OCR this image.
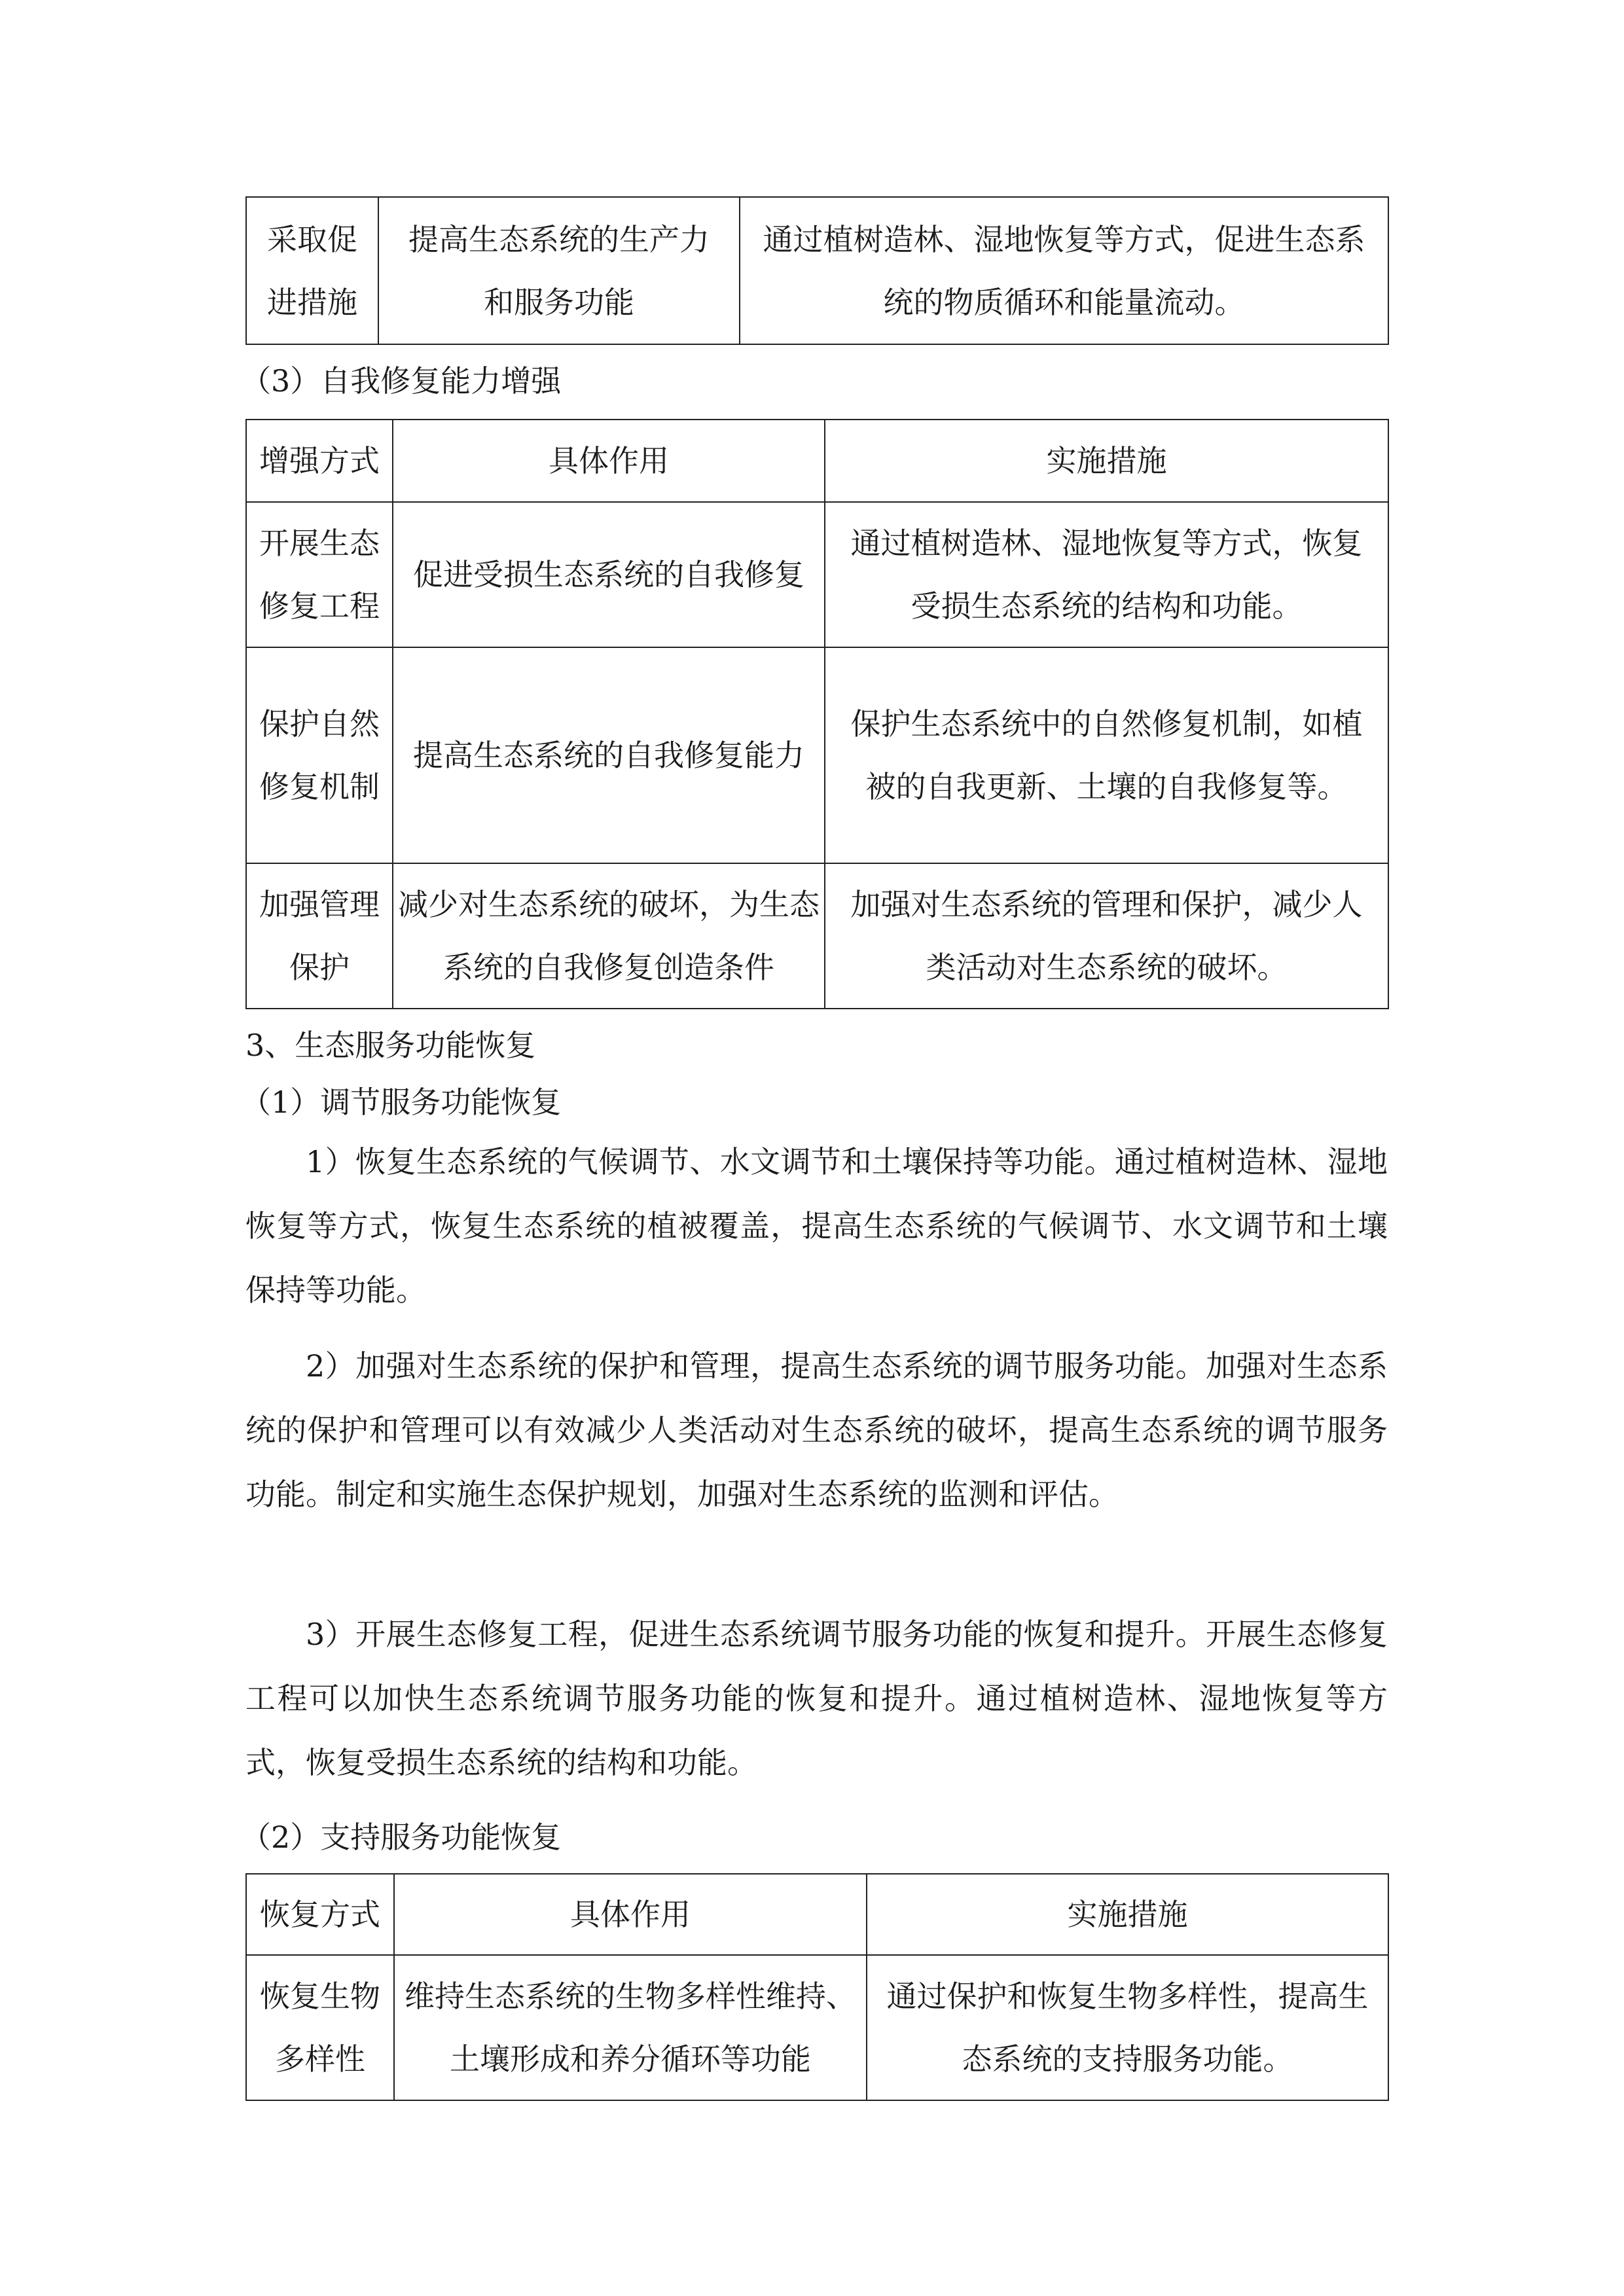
采取促进措施	提高生态系统的生产力和服务功能	通过植树造林、湿地恢复等方式，促进生态系统的物质循环和能量流动。
（3）自我修复能力增强
增强方式	具体作用	实施措施
开展生态修复工程	促进受损生态系统的自我修复	通过植树造林、湿地恢复等方式，恢复受损生态系统的结构和功能。
保护自然修复机制	提高生态系统的自我修复能力	保护生态系统中的自然修复机制，如植被的自我更新、土壤的自我修复等。
加强管理保护	减少对生态系统的破坏，为生态系统的自我修复创造条件	加强对生态系统的管理和保护，减少人类活动对生态系统的破坏。
3、生态服务功能恢复
（1）调节服务功能恢复

1）恢复生态系统的气候调节、水文调节和土壤保持等功能。通过植树造林、湿地恢复等方式，恢复生态系统的植被覆盖，提高生态系统的气候调节、水文调节和土壤保持等功能。

2）加强对生态系统的保护和管理，提高生态系统的调节服务功能。加强对生态系统的保护和管理可以有效减少人类活动对生态系统的破坏，提高生态系统的调节服务功能。制定和实施生态保护规划，加强对生态系统的监测和评估。

3）开展生态修复工程，促进生态系统调节服务功能的恢复和提升。开展生态修复工程可以加快生态系统调节服务功能的恢复和提升。通过植树造林、湿地恢复等方式，恢复受损生态系统的结构和功能。

（2）支持服务功能恢复
恢复方式	具体作用	实施措施
恢复生物多样性	维持生态系统的生物多样性维持、土壤形成和养分循环等功能	通过保护和恢复生物多样性，提高生态系统的支持服务功能。
